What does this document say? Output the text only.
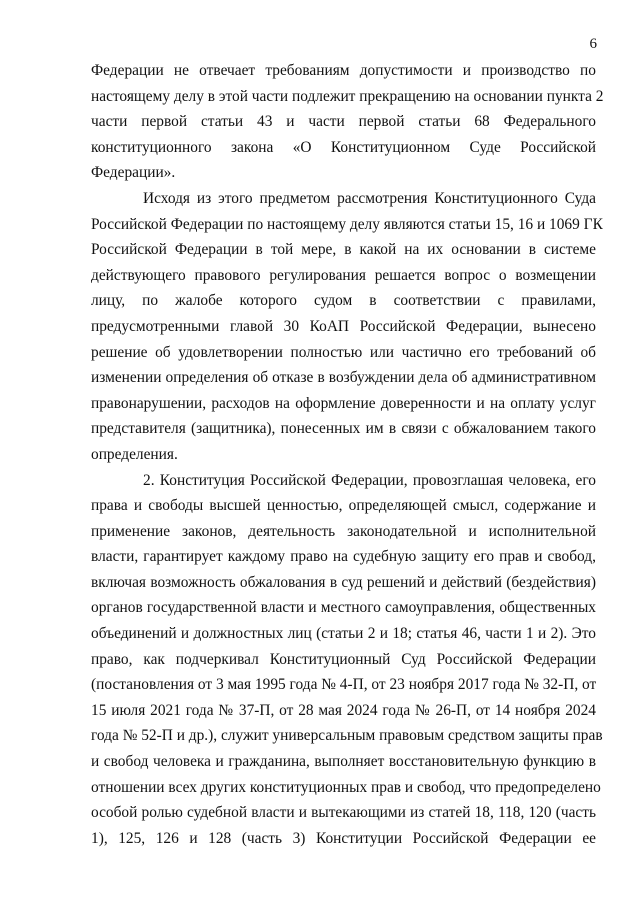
6
Федерации не отвечает требованиям допустимости и производство по
настоящему делу в этой части подлежит прекращению на основании пункта 2
части первой статьи 43 и части первой статьи 68 Федерального
конституционного закона «О Конституционном Суде Российской
Федерации».
Исходя из этого предметом рассмотрения Конституционного Суда
Российской Федерации по настоящему делу являются статьи 15, 16 и 1069 ГК
Российской Федерации в той мере, в какой на их основании в системе
действующего правового регулирования решается вопрос о возмещении
лицу, по жалобе которого судом в соответствии с правилами,
предусмотренными главой 30 КоАП Российской Федерации, вынесено
решение об удовлетворении полностью или частично его требований об
изменении определения об отказе в возбуждении дела об административном
правонарушении, расходов на оформление доверенности и на оплату услуг
представителя (защитника), понесенных им в связи с обжалованием такого
определения.
2. Конституция Российской Федерации, провозглашая человека, его
права и свободы высшей ценностью, определяющей смысл, содержание и
применение законов, деятельность законодательной и исполнительной
власти, гарантирует каждому право на судебную защиту его прав и свобод,
включая возможность обжалования в суд решений и действий (бездействия)
органов государственной власти и местного самоуправления, общественных
объединений и должностных лиц (статьи 2 и 18; статья 46, части 1 и 2). Это
право, как подчеркивал Конституционный Суд Российской Федерации
(постановления от 3 мая 1995 года № 4-П, от 23 ноября 2017 года № 32-П, от
15 июля 2021 года № 37-П, от 28 мая 2024 года № 26-П, от 14 ноября 2024
года № 52-П и др.), служит универсальным правовым средством защиты прав
и свобод человека и гражданина, выполняет восстановительную функцию в
отношении всех других конституционных прав и свобод, что предопределено
особой ролью судебной власти и вытекающими из статей 18, 118, 120 (часть
1), 125, 126 и 128 (часть 3) Конституции Российской Федерации ее
